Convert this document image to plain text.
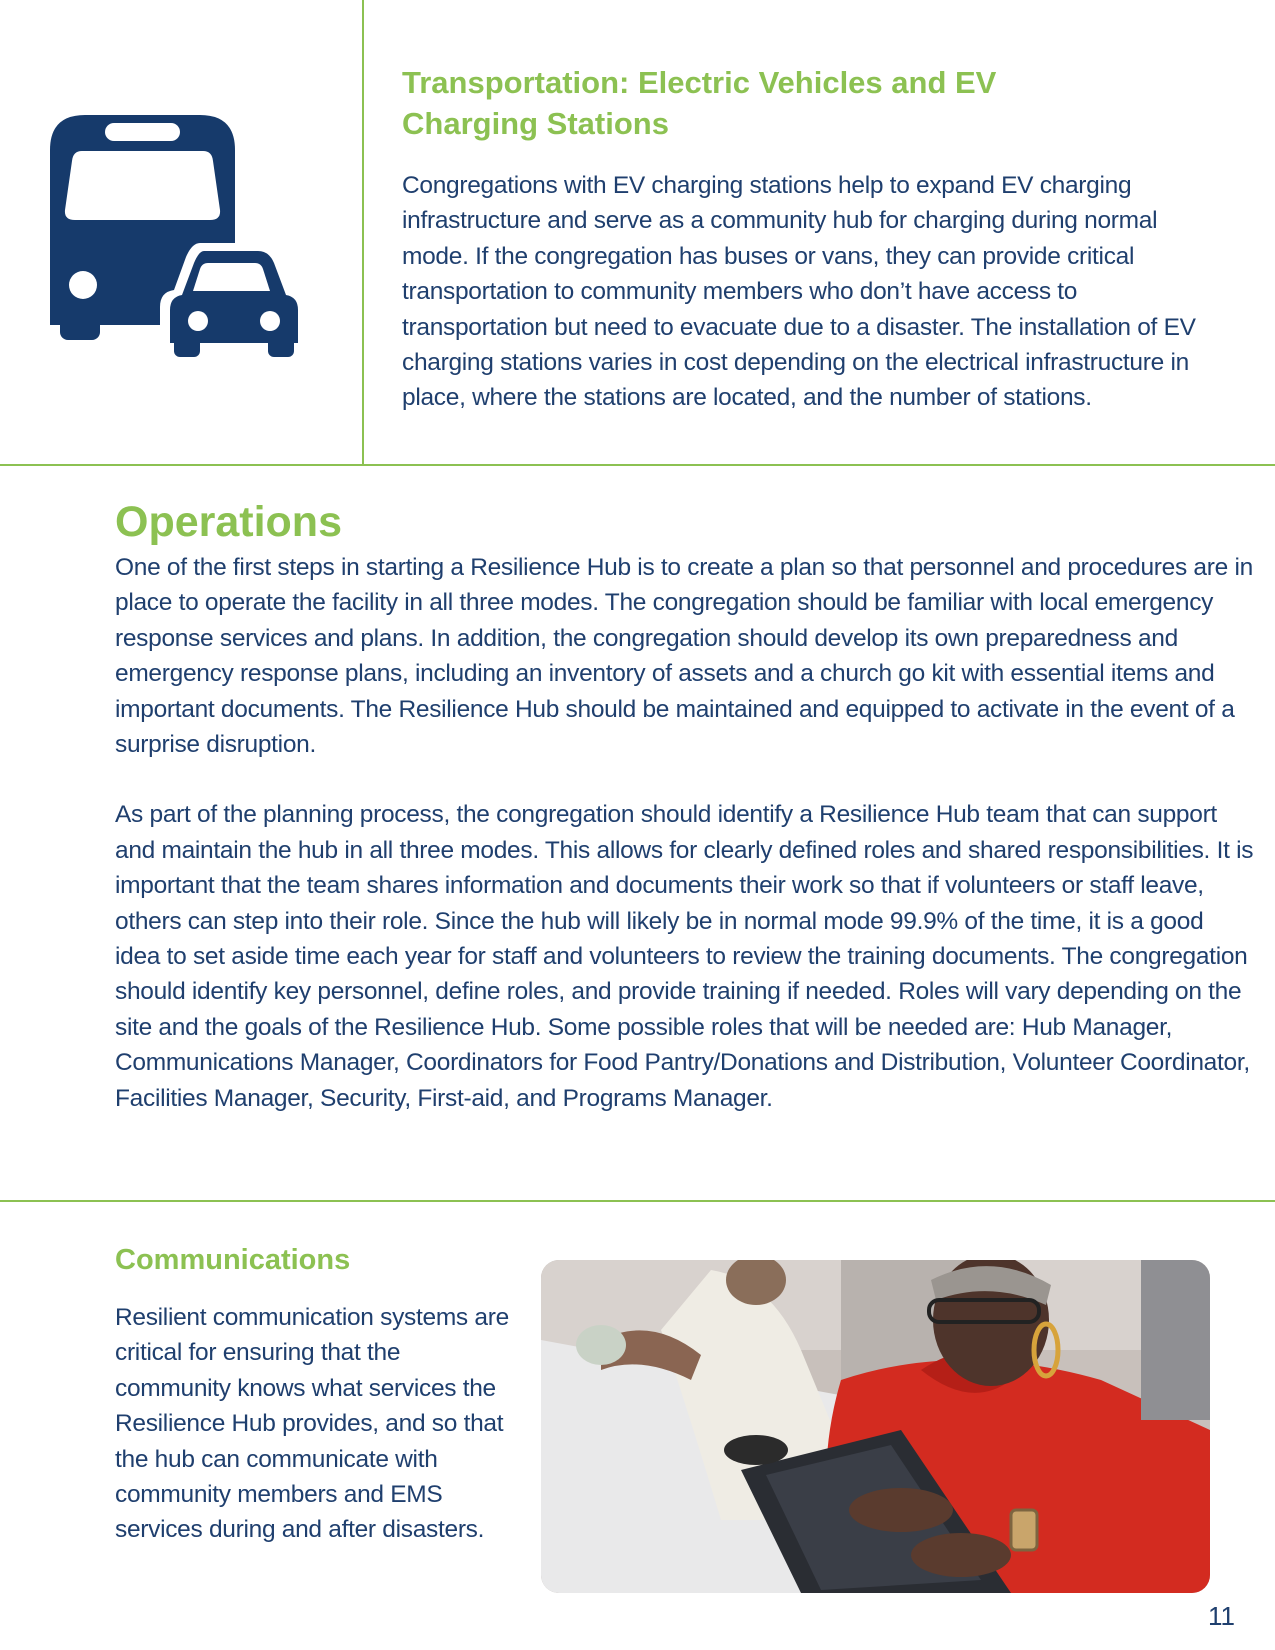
Transportation: Electric Vehicles and EV Charging Stations

Congregations with EV charging stations help to expand EV charging infrastructure and serve as a community hub for charging during normal mode. If the congregation has buses or vans, they can provide critical transportation to community members who don’t have access to transportation but need to evacuate due to a disaster. The installation of EV charging stations varies in cost depending on the electrical infrastructure in place, where the stations are located, and the number of stations.

Operations

One of the first steps in starting a Resilience Hub is to create a plan so that personnel and procedures are in place to operate the facility in all three modes. The congregation should be familiar with local emergency response services and plans. In addition, the congregation should develop its own preparedness and emergency response plans, including an inventory of assets and a church go kit with essential items and important documents. The Resilience Hub should be maintained and equipped to activate in the event of a surprise disruption.

As part of the planning process, the congregation should identify a Resilience Hub team that can support and maintain the hub in all three modes. This allows for clearly defined roles and shared responsibilities. It is important that the team shares information and documents their work so that if volunteers or staff leave, others can step into their role. Since the hub will likely be in normal mode 99.9% of the time, it is a good idea to set aside time each year for staff and volunteers to review the training documents. The congregation should identify key personnel, define roles, and provide training if needed. Roles will vary depending on the site and the goals of the Resilience Hub. Some possible roles that will be needed are: Hub Manager, Communications Manager, Coordinators for Food Pantry/Donations and Distribution, Volunteer Coordinator, Facilities Manager, Security, First-aid, and Programs Manager.

Communications

Resilient communication systems are critical for ensuring that the community knows what services the Resilience Hub provides, and so that the hub can communicate with community members and EMS services during and after disasters.

11
